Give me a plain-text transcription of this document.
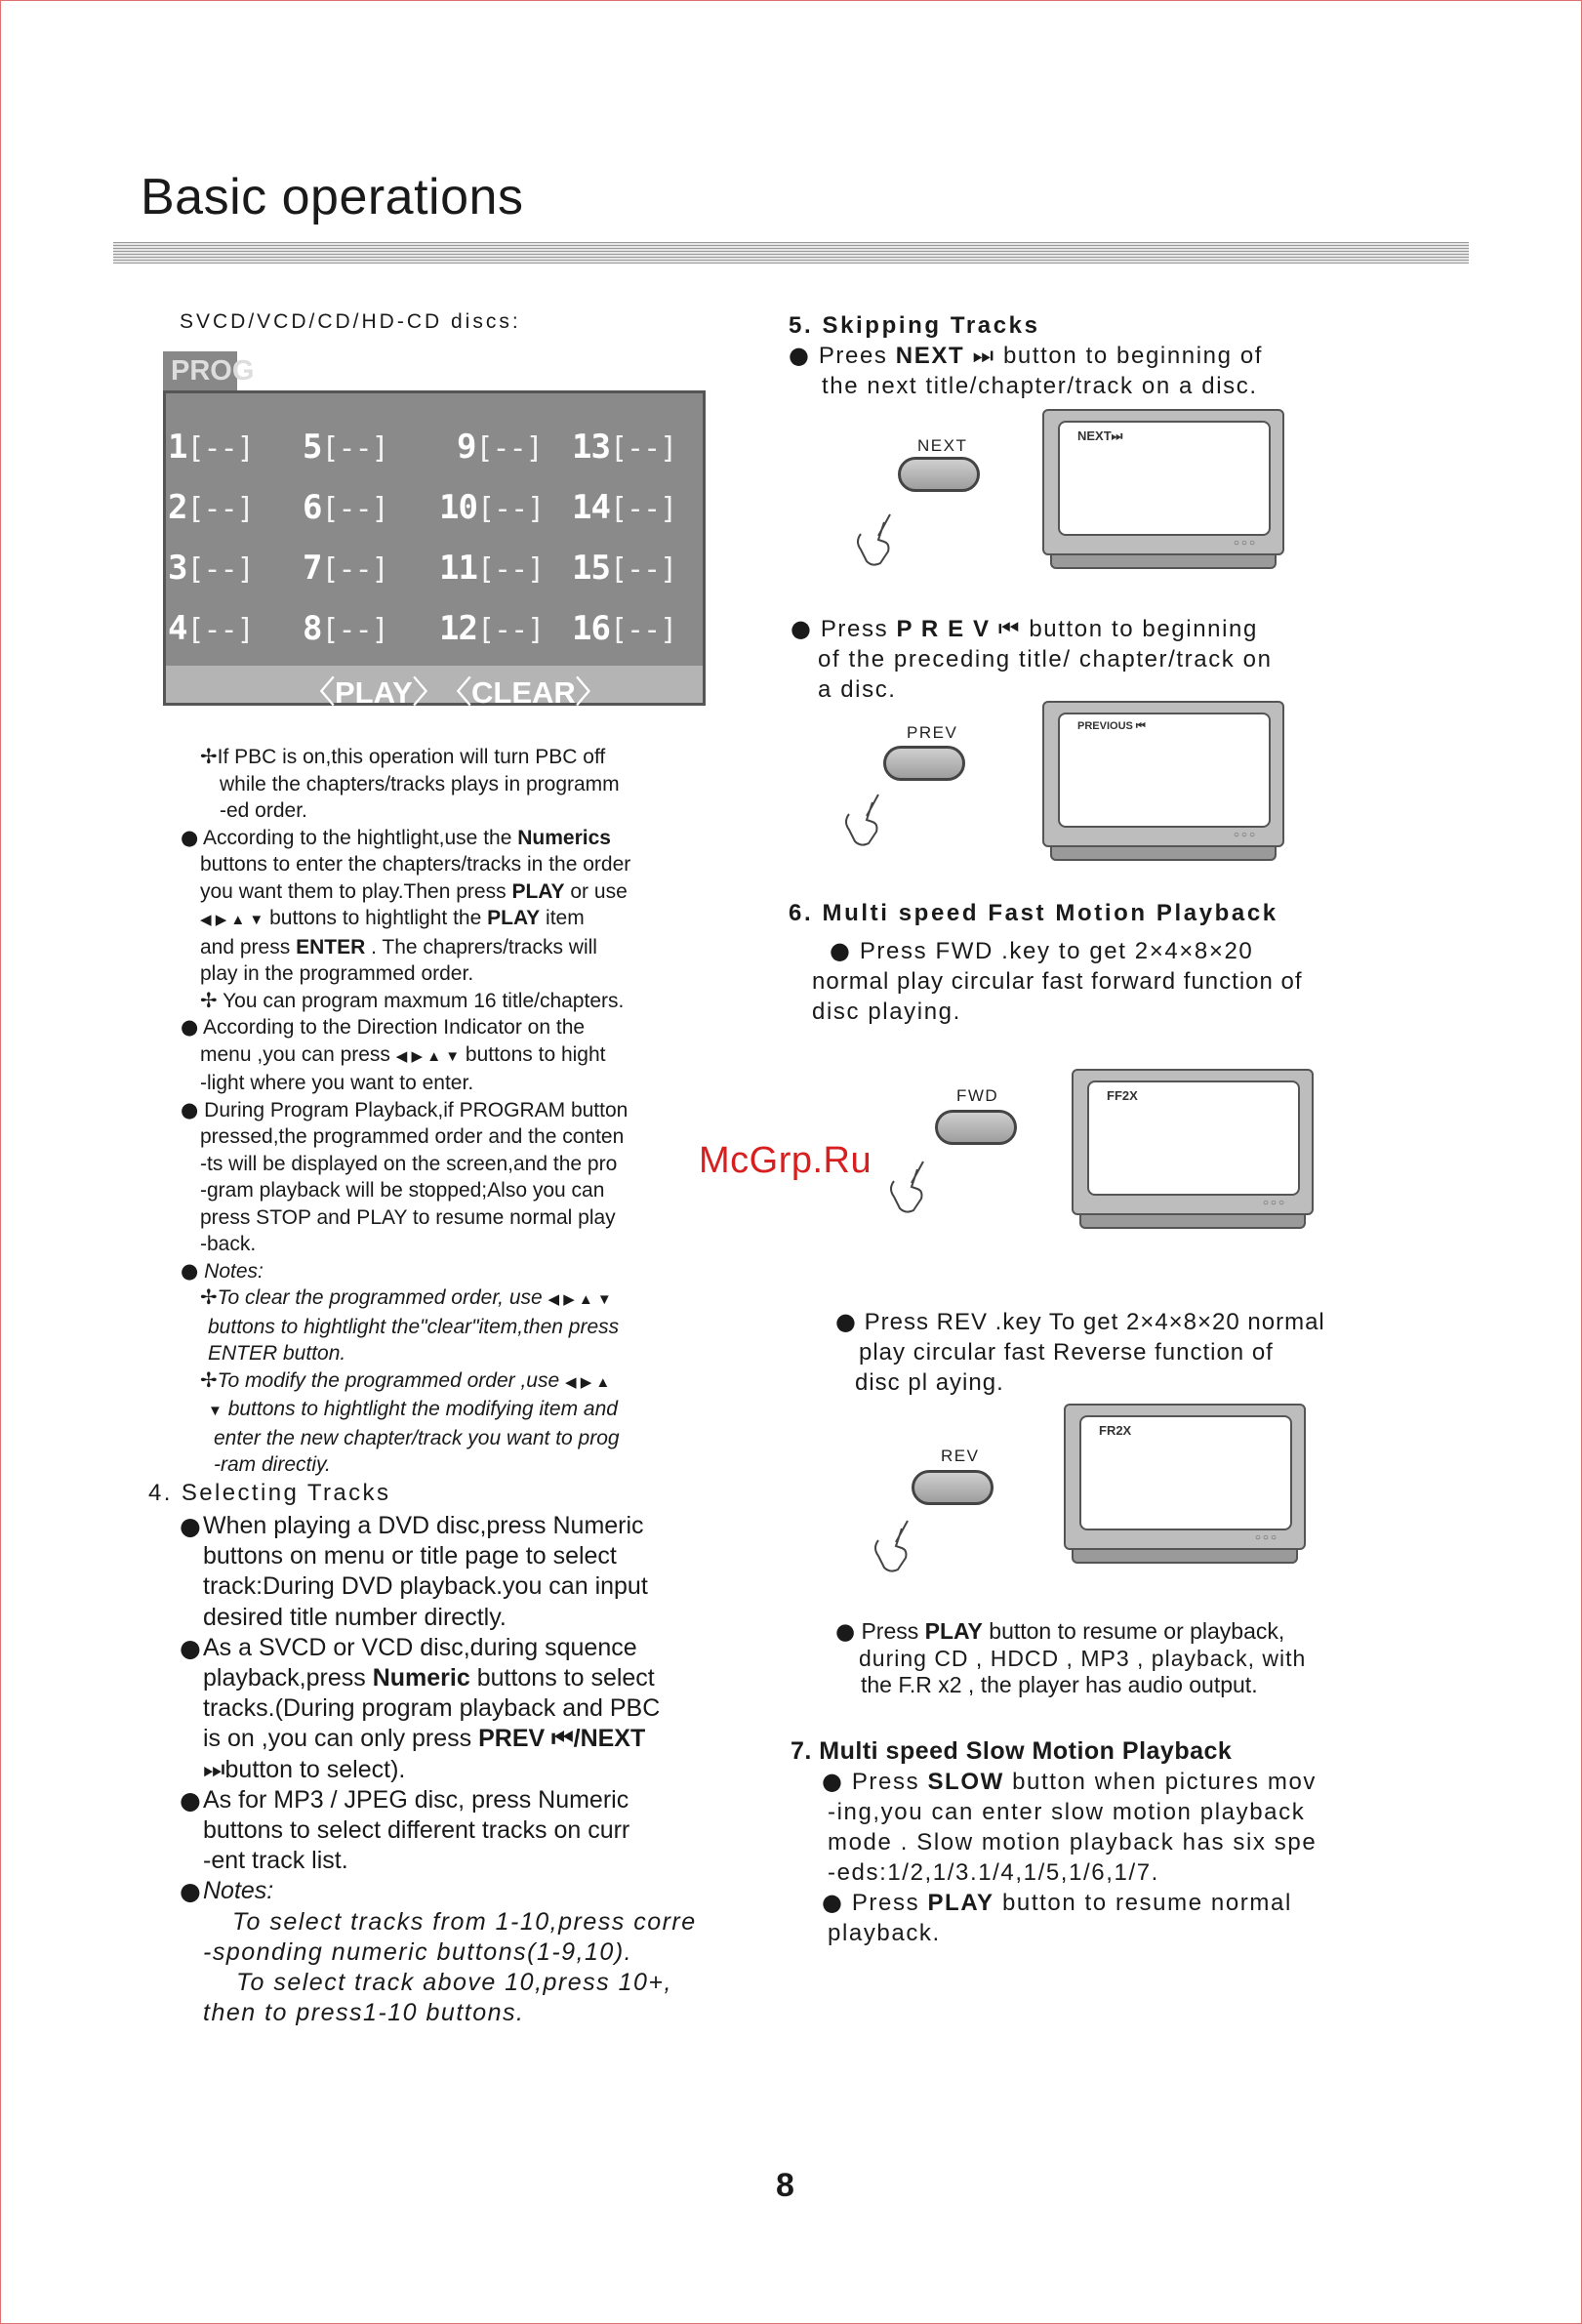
Basic operations
SVCD/VCD/CD/HD-CD discs:
PROG
1[--]
2[--]
3[--]
4[--]
5[--]
6[--]
7[--]
8[--]
9[--]
10[--]
11[--]
12[--]
13[--]
14[--]
15[--]
16[--]
〈PLAY〉
〈CLEAR〉

✢If PBC is on,this operation will turn PBC off

while the chapters/tracks plays in programm

-ed order.

● According to the hightlight,use the Numerics

buttons to enter the chapters/tracks in the order

you want them to play.Then press PLAY or use

◀ ▶ ▲ ▼ buttons to hightlight the PLAY item

and press ENTER . The chaprers/tracks will

play in the programmed order.

✢ You can program maxmum 16 title/chapters.

● According to the Direction Indicator on the

menu ,you can press ◀ ▶ ▲ ▼ buttons to hight

-light where you want to enter.

● During Program Playback,if PROGRAM button

pressed,the programmed order and the conten

-ts will be displayed on the screen,and the pro

-gram playback will be stopped;Also you can

press STOP and PLAY to resume normal play

-back.

● Notes:

✢To clear the programmed order, use ◀ ▶ ▲ ▼

buttons to hightlight the"clear"item,then press

ENTER button.

✢To modify the programmed order ,use ◀ ▶ ▲

▼ buttons to hightlight the modifying item and

enter the new chapter/track you want to prog

-ram directiy.

4. Selecting Tracks
● When playing a DVD disc,press Numeric
buttons on menu or title page to select
track:During DVD playback.you can input
desired title number directly.
● As a SVCD or VCD disc,during squence
playback,press Numeric buttons to select
tracks.(During program playback and PBC
is on ,you can only press PREV ⏮/NEXT
⏭button to select).
● As for MP3 / JPEG disc, press Numeric
buttons to select different tracks on curr
-ent track list.
● Notes:
To select tracks from 1-10,press corre
-sponding numeric buttons(1-9,10).
To select track above 10,press 10+,
then to press1-10 buttons.

5. Skipping Tracks

● Prees NEXT ⏭ button to beginning of

the next title/chapter/track on a disc.

NEXT
NEXT⏭
○○○

● Press P R E V ⏮ button to beginning

of the preceding title/ chapter/track on

a disc.

PREV	PREVIOUS ⏮
○○○

6. Multi speed Fast Motion Playback

● Press FWD .key to get 2×4×8×20

normal play circular fast forward function of

disc playing.

FWD	FF2X
○○○

● Press REV .key To get 2×4×8×20 normal

play circular fast Reverse function of

disc pl aying.

REV
FR2X
○○○
● Press PLAY button to resume or playback,
during CD , HDCD , MP3 , playback, with
the F.R x2 , the player has audio output.

7. Multi speed Slow Motion Playback

● Press SLOW button when pictures mov

-ing,you can enter slow motion playback

mode . Slow motion playback has six spe

-eds:1/2,1/3.1/4,1/5,1/6,1/7.

● Press PLAY button to resume normal

playback.

McGrp.Ru
8
